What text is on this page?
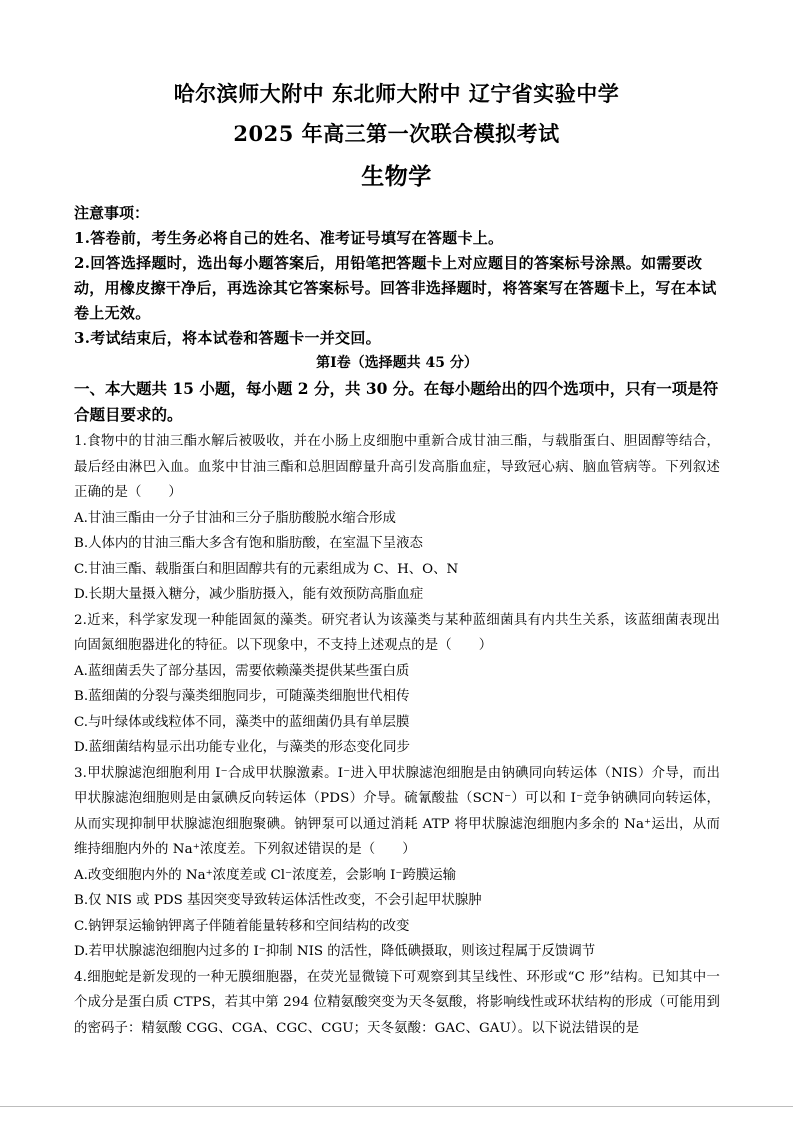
哈尔滨师大附中 东北师大附中 辽宁省实验中学
2025 年高三第一次联合模拟考试
生物学

注意事项：

1.答卷前，考生务必将自己的姓名、准考证号填写在答题卡上。

2.回答选择题时，选出每小题答案后，用铅笔把答题卡上对应题目的答案标号涂黑。如需要改动，用橡皮擦干净后，再选涂其它答案标号。回答非选择题时，将答案写在答题卡上，写在本试卷上无效。

3.考试结束后，将本试卷和答题卡一并交回。

第Ⅰ卷（选择题共 45 分）

一、本大题共 15 小题，每小题 2 分，共 30 分。在每小题给出的四个选项中，只有一项是符合题目要求的。

1.食物中的甘油三酯水解后被吸收，并在小肠上皮细胞中重新合成甘油三酯，与载脂蛋白、胆固醇等结合，最后经由淋巴入血。血浆中甘油三酯和总胆固醇量升高引发高脂血症，导致冠心病、脑血管病等。下列叙述正确的是（　　）

A.甘油三酯由一分子甘油和三分子脂肪酸脱水缩合形成

B.人体内的甘油三酯大多含有饱和脂肪酸，在室温下呈液态

C.甘油三酯、载脂蛋白和胆固醇共有的元素组成为 C、H、O、N

D.长期大量摄入糖分，减少脂肪摄入，能有效预防高脂血症

2.近来，科学家发现一种能固氮的藻类。研究者认为该藻类与某种蓝细菌具有内共生关系，该蓝细菌表现出向固氮细胞器进化的特征。以下现象中，不支持上述观点的是（　　）

A.蓝细菌丢失了部分基因，需要依赖藻类提供某些蛋白质

B.蓝细菌的分裂与藻类细胞同步，可随藻类细胞世代相传

C.与叶绿体或线粒体不同，藻类中的蓝细菌仍具有单层膜

D.蓝细菌结构显示出功能专业化，与藻类的形态变化同步

3.甲状腺滤泡细胞利用 I⁻合成甲状腺激素。I⁻进入甲状腺滤泡细胞是由钠碘同向转运体（NIS）介导，而出甲状腺滤泡细胞则是由氯碘反向转运体（PDS）介导。硫氰酸盐（SCN⁻）可以和 I⁻竞争钠碘同向转运体，从而实现抑制甲状腺滤泡细胞聚碘。钠钾泵可以通过消耗 ATP 将甲状腺滤泡细胞内多余的 Na⁺运出，从而维持细胞内外的 Na⁺浓度差。下列叙述错误的是（　　）

A.改变细胞内外的 Na⁺浓度差或 Cl⁻浓度差，会影响 I⁻跨膜运输

B.仅 NIS 或 PDS 基因突变导致转运体活性改变，不会引起甲状腺肿

C.钠钾泵运输钠钾离子伴随着能量转移和空间结构的改变

D.若甲状腺滤泡细胞内过多的 I⁻抑制 NIS 的活性，降低碘摄取，则该过程属于反馈调节

4.细胞蛇是新发现的一种无膜细胞器，在荧光显微镜下可观察到其呈线性、环形或“C 形”结构。已知其中一个成分是蛋白质 CTPS，若其中第 294 位精氨酸突变为天冬氨酸，将影响线性或环状结构的形成（可能用到的密码子：精氨酸 CGG、CGA、CGC、CGU；天冬氨酸：GAC、GAU）。以下说法错误的是
